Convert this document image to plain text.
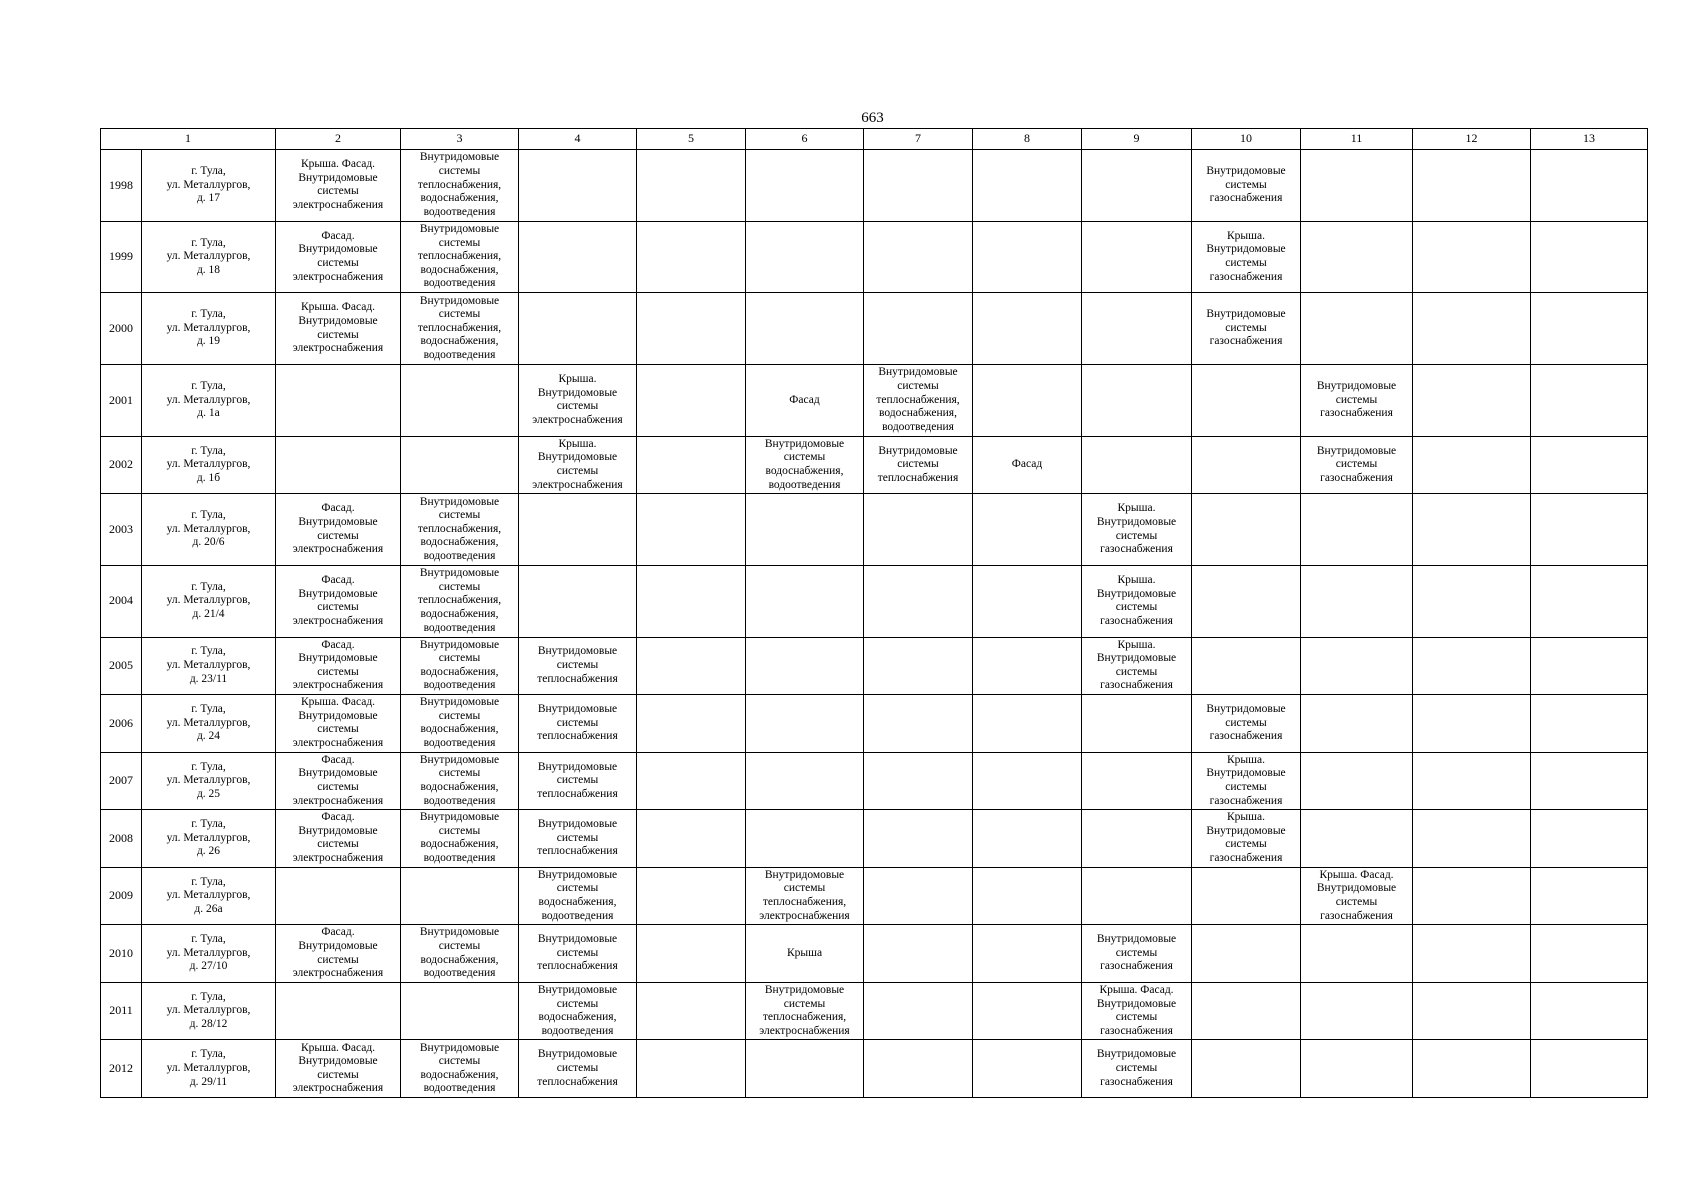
663
1		2	3	4	5	6	7	8	9	10	11	12	13
1998	г. Тула,
ул. Металлургов,
д. 17	Крыша. Фасад.
Внутридомовые
системы
электроснабжения	Внутридомовые
системы
теплоснабжения,
водоснабжения,
водоотведения							Внутридомовые
системы
газоснабжения			

1999	г. Тула,
ул. Металлургов,
д. 18	Фасад.
Внутридомовые
системы
электроснабжения	Внутридомовые
системы
теплоснабжения,
водоснабжения,
водоотведения							Крыша.
Внутридомовые
системы
газоснабжения			

2000	г. Тула,
ул. Металлургов,
д. 19	Крыша. Фасад.
Внутридомовые
системы
электроснабжения	Внутридомовые
системы
теплоснабжения,
водоснабжения,
водоотведения							Внутридомовые
системы
газоснабжения			

2001	г. Тула,
ул. Металлургов,
д. 1а			Крыша.
Внутридомовые
системы
электроснабжения		Фасад	Внутридомовые
системы
теплоснабжения,
водоснабжения,
водоотведения				Внутридомовые
системы
газоснабжения		

2002	г. Тула,
ул. Металлургов,
д. 1б			Крыша.
Внутридомовые
системы
электроснабжения		Внутридомовые
системы
водоснабжения,
водоотведения	Внутридомовые
системы
теплоснабжения	Фасад			Внутридомовые
системы
газоснабжения		

2003	г. Тула,
ул. Металлургов,
д. 20/6	Фасад.
Внутридомовые
системы
электроснабжения	Внутридомовые
системы
теплоснабжения,
водоснабжения,
водоотведения						Крыша.
Внутридомовые
системы
газоснабжения				

2004	г. Тула,
ул. Металлургов,
д. 21/4	Фасад.
Внутридомовые
системы
электроснабжения	Внутридомовые
системы
теплоснабжения,
водоснабжения,
водоотведения						Крыша.
Внутридомовые
системы
газоснабжения				

2005	г. Тула,
ул. Металлургов,
д. 23/11	Фасад.
Внутридомовые
системы
электроснабжения	Внутридомовые
системы
водоснабжения,
водоотведения	Внутридомовые
системы
теплоснабжения					Крыша.
Внутридомовые
системы
газоснабжения				

2006	г. Тула,
ул. Металлургов,
д. 24	Крыша. Фасад.
Внутридомовые
системы
электроснабжения	Внутридомовые
системы
водоснабжения,
водоотведения	Внутридомовые
системы
теплоснабжения						Внутридомовые
системы
газоснабжения			

2007	г. Тула,
ул. Металлургов,
д. 25	Фасад.
Внутридомовые
системы
электроснабжения	Внутридомовые
системы
водоснабжения,
водоотведения	Внутридомовые
системы
теплоснабжения						Крыша.
Внутридомовые
системы
газоснабжения			

2008	г. Тула,
ул. Металлургов,
д. 26	Фасад.
Внутридомовые
системы
электроснабжения	Внутридомовые
системы
водоснабжения,
водоотведения	Внутридомовые
системы
теплоснабжения						Крыша.
Внутридомовые
системы
газоснабжения			

2009	г. Тула,
ул. Металлургов,
д. 26а			Внутридомовые
системы
водоснабжения,
водоотведения		Внутридомовые
системы
теплоснабжения,
электроснабжения					Крыша. Фасад.
Внутридомовые
системы
газоснабжения		

2010	г. Тула,
ул. Металлургов,
д. 27/10	Фасад.
Внутридомовые
системы
электроснабжения	Внутридомовые
системы
водоснабжения,
водоотведения	Внутридомовые
системы
теплоснабжения		Крыша			Внутридомовые
системы
газоснабжения				

2011	г. Тула,
ул. Металлургов,
д. 28/12			Внутридомовые
системы
водоснабжения,
водоотведения		Внутридомовые
системы
теплоснабжения,
электроснабжения			Крыша. Фасад.
Внутридомовые
системы
газоснабжения				

2012	г. Тула,
ул. Металлургов,
д. 29/11	Крыша. Фасад.
Внутридомовые
системы
электроснабжения	Внутридомовые
системы
водоснабжения,
водоотведения	Внутридомовые
системы
теплоснабжения					Внутридомовые
системы
газоснабжения				
